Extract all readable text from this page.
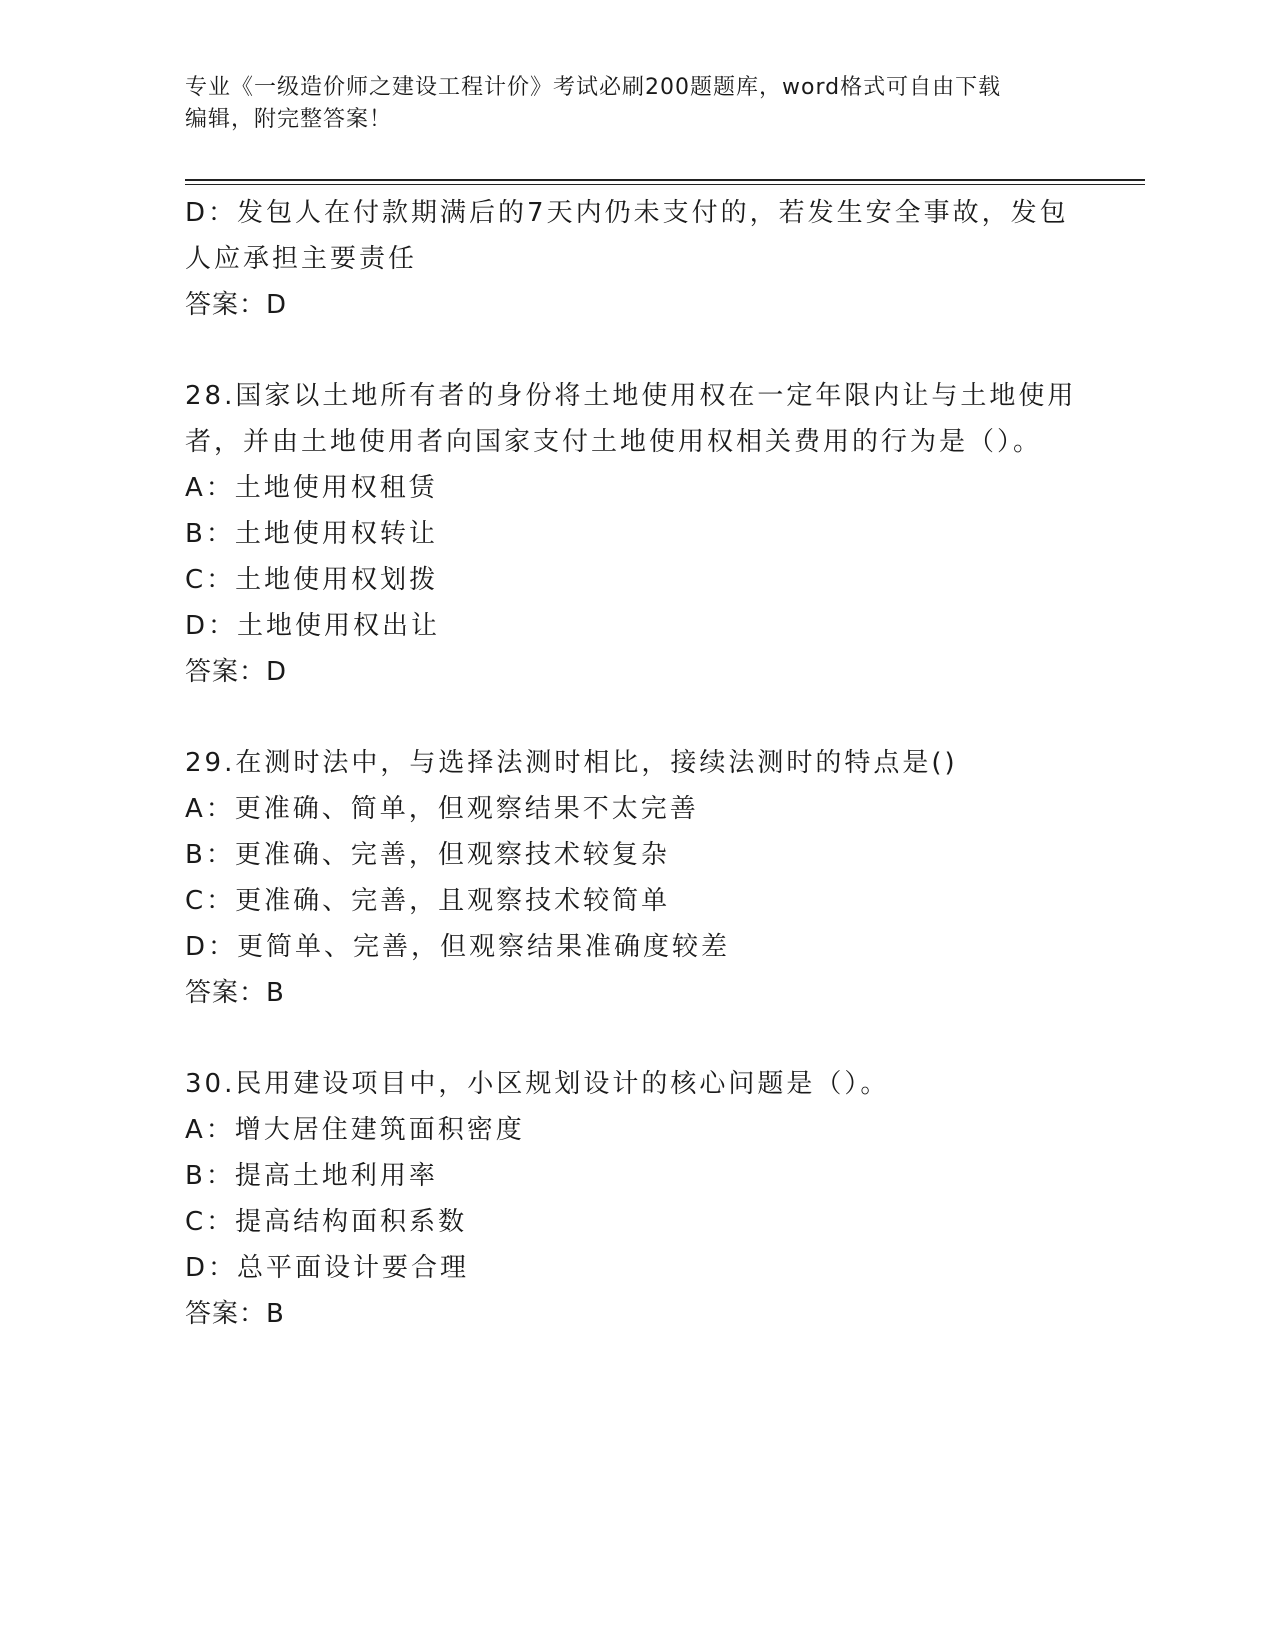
专业《一级造价师之建设工程计价》考试必刷200题题库，word格式可自由下载
编辑，附完整答案！
D：发包人在付款期满后的7天内仍未支付的，若发生安全事故，发包
人应承担主要责任
答案：D
28.国家以土地所有者的身份将土地使用权在一定年限内让与土地使用
者，并由土地使用者向国家支付土地使用权相关费用的行为是（）。
A：土地使用权租赁
B：土地使用权转让
C：土地使用权划拨
D：土地使用权出让
答案：D
29.在测时法中，与选择法测时相比，接续法测时的特点是()
A：更准确、简单，但观察结果不太完善
B：更准确、完善，但观察技术较复杂
C：更准确、完善，且观察技术较简单
D：更简单、完善，但观察结果准确度较差
答案：B
30.民用建设项目中，小区规划设计的核心问题是（）。
A：增大居住建筑面积密度
B：提高土地利用率
C：提高结构面积系数
D：总平面设计要合理
答案：B
